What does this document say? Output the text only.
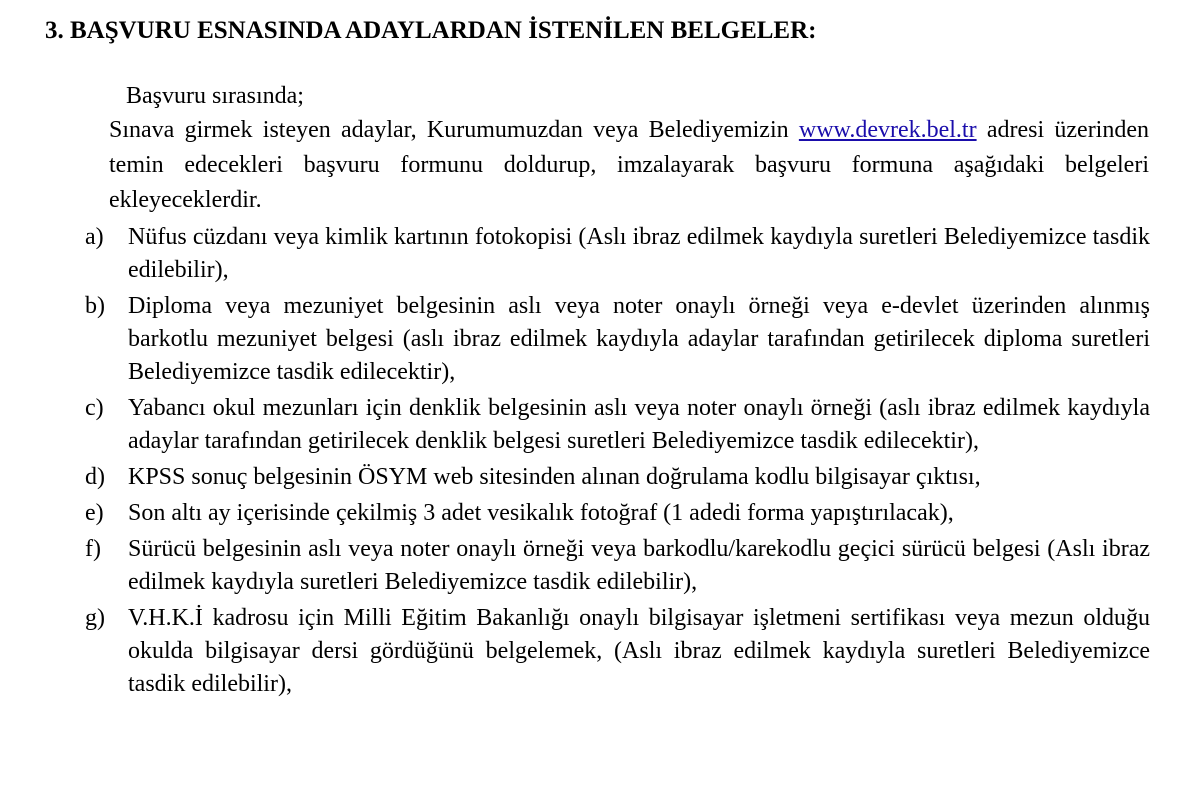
3. BAŞVURU ESNASINDA ADAYLARDAN İSTENİLEN BELGELER:
Başvuru sırasında;
Sınava girmek isteyen adaylar, Kurumumuzdan veya Belediyemizin www.devrek.bel.tr adresi üzerinden temin edecekleri başvuru formunu doldurup, imzalayarak başvuru formuna aşağıdaki belgeleri ekleyeceklerdir.
a)	Nüfus cüzdanı veya kimlik kartının fotokopisi (Aslı ibraz edilmek kaydıyla suretleri Belediyemizce tasdik edilebilir),
b) Diploma veya mezuniyet belgesinin aslı veya noter onaylı örneği veya e-devlet üzerinden alınmış barkotlu mezuniyet belgesi (aslı ibraz edilmek kaydıyla adaylar tarafından getirilecek diploma suretleri Belediyemizce tasdik edilecektir),
c)	Yabancı okul mezunları için denklik belgesinin aslı veya noter onaylı örneği (aslı ibraz edilmek kaydıyla adaylar tarafından getirilecek denklik belgesi suretleri Belediyemizce tasdik edilecektir),
d) KPSS sonuç belgesinin ÖSYM web sitesinden alınan doğrulama kodlu bilgisayar çıktısı,
e)	Son altı ay içerisinde çekilmiş 3 adet vesikalık fotoğraf (1 adedi forma yapıştırılacak),
f)	Sürücü belgesinin aslı veya noter onaylı örneği veya barkodlu/karekodlu geçici sürücü belgesi (Aslı ibraz edilmek kaydıyla suretleri Belediyemizce tasdik edilebilir),
g) V.H.K.İ kadrosu için Milli Eğitim Bakanlığı onaylı bilgisayar işletmeni sertifikası veya mezun olduğu okulda bilgisayar dersi gördüğünü belgelemek, (Aslı ibraz edilmek kaydıyla suretleri Belediyemizce tasdik edilebilir),
